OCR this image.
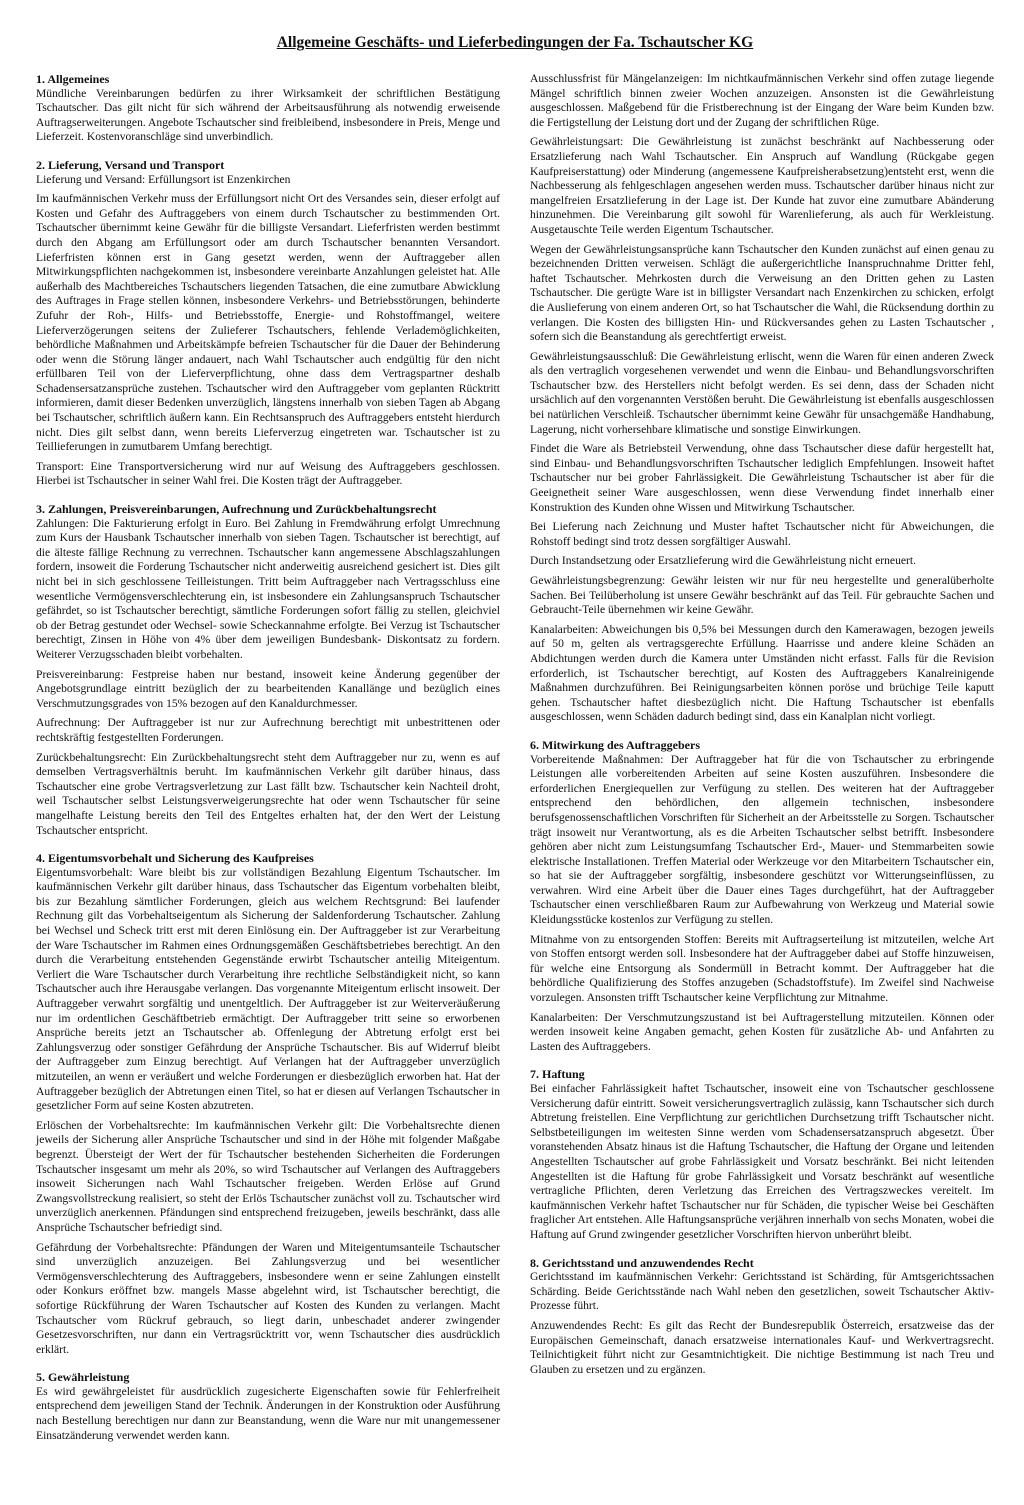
Allgemeine Geschäfts- und Lieferbedingungen der Fa. Tschautscher KG
1. Allgemeines

Mündliche Vereinbarungen bedürfen zu ihrer Wirksamkeit der schriftlichen Bestätigung Tschautscher. Das gilt nicht für sich während der Arbeitsausführung als notwendig erweisende Auftragserweiterungen. Angebote Tschautscher sind freibleibend, insbesondere in Preis, Menge und Lieferzeit. Kostenvoranschläge sind unverbindlich.

2. Lieferung, Versand und Transport

Lieferung und Versand: Erfüllungsort ist Enzenkirchen

Im kaufmännischen Verkehr muss der Erfüllungsort nicht Ort des Versandes sein, dieser erfolgt auf Kosten und Gefahr des Auftraggebers von einem durch Tschautscher zu bestimmenden Ort. Tschautscher übernimmt keine Gewähr für die billigste Versandart. Lieferfristen werden bestimmt durch den Abgang am Erfüllungsort oder am durch Tschautscher benannten Versandort. Lieferfristen können erst in Gang gesetzt werden, wenn der Auftraggeber allen Mitwirkungspflichten nachgekommen ist, insbesondere vereinbarte Anzahlungen geleistet hat. Alle außerhalb des Machtbereiches Tschautschers liegenden Tatsachen, die eine zumutbare Abwicklung des Auftrages in Frage stellen können, insbesondere Verkehrs- und Betriebsstörungen, behinderte Zufuhr der Roh-, Hilfs- und Betriebsstoffe, Energie- und Rohstoffmangel, weitere Lieferverzögerungen seitens der Zulieferer Tschautschers, fehlende Verlademöglichkeiten, behördliche Maßnahmen und Arbeitskämpfe befreien Tschautscher für die Dauer der Behinderung oder wenn die Störung länger andauert, nach Wahl Tschautscher auch endgültig für den nicht erfüllbaren Teil von der Lieferverpflichtung, ohne dass dem Vertragspartner deshalb Schadensersatzansprüche zustehen. Tschautscher wird den Auftraggeber vom geplanten Rücktritt informieren, damit dieser Bedenken unverzüglich, längstens innerhalb von sieben Tagen ab Abgang bei Tschautscher, schriftlich äußern kann. Ein Rechtsanspruch des Auftraggebers entsteht hierdurch nicht. Dies gilt selbst dann, wenn bereits Lieferverzug eingetreten war. Tschautscher ist zu Teillieferungen in zumutbarem Umfang berechtigt.

Transport: Eine Transportversicherung wird nur auf Weisung des Auftraggebers geschlossen. Hierbei ist Tschautscher in seiner Wahl frei. Die Kosten trägt der Auftraggeber.

3. Zahlungen, Preisvereinbarungen, Aufrechnung und Zurückbehaltungsrecht

Zahlungen: Die Fakturierung erfolgt in Euro. Bei Zahlung in Fremdwährung erfolgt Umrechnung zum Kurs der Hausbank Tschautscher innerhalb von sieben Tagen. Tschautscher ist berechtigt, auf die älteste fällige Rechnung zu verrechnen. Tschautscher kann angemessene Abschlagszahlungen fordern, insoweit die Forderung Tschautscher nicht anderweitig ausreichend gesichert ist. Dies gilt nicht bei in sich geschlossene Teilleistungen. Tritt beim Auftraggeber nach Vertragsschluss eine wesentliche Vermögensverschlechterung ein, ist insbesondere ein Zahlungsanspruch Tschautscher gefährdet, so ist Tschautscher berechtigt, sämtliche Forderungen sofort fällig zu stellen, gleichviel ob der Betrag gestundet oder Wechsel- sowie Scheckannahme erfolgte. Bei Verzug ist Tschautscher berechtigt, Zinsen in Höhe von 4% über dem jeweiligen Bundesbank- Diskontsatz zu fordern. Weiterer Verzugsschaden bleibt vorbehalten.

Preisvereinbarung: Festpreise haben nur bestand, insoweit keine Änderung gegenüber der Angebotsgrundlage eintritt bezüglich der zu bearbeitenden Kanallänge und bezüglich eines Verschmutzungsgrades von 15% bezogen auf den Kanaldurchmesser.

Aufrechnung: Der Auftraggeber ist nur zur Aufrechnung berechtigt mit unbestrittenen oder rechtskräftig festgestellten Forderungen.

Zurückbehaltungsrecht: Ein Zurückbehaltungsrecht steht dem Auftraggeber nur zu, wenn es auf demselben Vertragsverhältnis beruht. Im kaufmännischen Verkehr gilt darüber hinaus, dass Tschautscher eine grobe Vertragsverletzung zur Last fällt bzw. Tschautscher kein Nachteil droht, weil Tschautscher selbst Leistungsverweigerungsrechte hat oder wenn Tschautscher für seine mangelhafte Leistung bereits den Teil des Entgeltes erhalten hat, der den Wert der Leistung Tschautscher entspricht.

4. Eigentumsvorbehalt und Sicherung des Kaufpreises

Eigentumsvorbehalt: Ware bleibt bis zur vollständigen Bezahlung Eigentum Tschautscher. Im kaufmännischen Verkehr gilt darüber hinaus, dass Tschautscher das Eigentum vorbehalten bleibt, bis zur Bezahlung sämtlicher Forderungen, gleich aus welchem Rechtsgrund: Bei laufender Rechnung gilt das Vorbehaltseigentum als Sicherung der Saldenforderung Tschautscher. Zahlung bei Wechsel und Scheck tritt erst mit deren Einlösung ein. Der Auftraggeber ist zur Verarbeitung der Ware Tschautscher im Rahmen eines Ordnungsgemäßen Geschäftsbetriebes berechtigt. An den durch die Verarbeitung entstehenden Gegenstände erwirbt Tschautscher anteilig Miteigentum. Verliert die Ware Tschautscher durch Verarbeitung ihre rechtliche Selbständigkeit nicht, so kann Tschautscher auch ihre Herausgabe verlangen. Das vorgenannte Miteigentum erlischt insoweit. Der Auftraggeber verwahrt sorgfältig und unentgeltlich. Der Auftraggeber ist zur Weiterveräußerung nur im ordentlichen Geschäftbetrieb ermächtigt. Der Auftraggeber tritt seine so erworbenen Ansprüche bereits jetzt an Tschautscher ab. Offenlegung der Abtretung erfolgt erst bei Zahlungsverzug oder sonstiger Gefährdung der Ansprüche Tschautscher. Bis auf Widerruf bleibt der Auftraggeber zum Einzug berechtigt. Auf Verlangen hat der Auftraggeber unverzüglich mitzuteilen, an wenn er veräußert und welche Forderungen er diesbezüglich erworben hat. Hat der Auftraggeber bezüglich der Abtretungen einen Titel, so hat er diesen auf Verlangen Tschautscher in gesetzlicher Form auf seine Kosten abzutreten.

Erlöschen der Vorbehaltsrechte: Im kaufmännischen Verkehr gilt: Die Vorbehaltsrechte dienen jeweils der Sicherung aller Ansprüche Tschautscher und sind in der Höhe mit folgender Maßgabe begrenzt. Übersteigt der Wert der für Tschautscher bestehenden Sicherheiten die Forderungen Tschautscher insgesamt um mehr als 20%, so wird Tschautscher auf Verlangen des Auftraggebers insoweit Sicherungen nach Wahl Tschautscher freigeben. Werden Erlöse auf Grund Zwangsvollstreckung realisiert, so steht der Erlös Tschautscher zunächst voll zu. Tschautscher wird unverzüglich anerkennen. Pfändungen sind entsprechend freizugeben, jeweils beschränkt, dass alle Ansprüche Tschautscher befriedigt sind.

Gefährdung der Vorbehaltsrechte: Pfändungen der Waren und Miteigentumsanteile Tschautscher sind unverzüglich anzuzeigen. Bei Zahlungsverzug und bei wesentlicher Vermögensverschlechterung des Auftraggebers, insbesondere wenn er seine Zahlungen einstellt oder Konkurs eröffnet bzw. mangels Masse abgelehnt wird, ist Tschautscher berechtigt, die sofortige Rückführung der Waren Tschautscher auf Kosten des Kunden zu verlangen. Macht Tschautscher vom Rückruf gebrauch, so liegt darin, unbeschadet anderer zwingender Gesetzesvorschriften, nur dann ein Vertragsrücktritt vor, wenn Tschautscher dies ausdrücklich erklärt.

5. Gewährleistung

Es wird gewährgeleistet für ausdrücklich zugesicherte Eigenschaften sowie für Fehlerfreiheit entsprechend dem jeweiligen Stand der Technik. Änderungen in der Konstruktion oder Ausführung nach Bestellung berechtigen nur dann zur Beanstandung, wenn die Ware nur mit unangemessener Einsatzänderung verwendet werden kann.

Ausschlussfrist für Mängelanzeigen: Im nichtkaufmännischen Verkehr sind offen zutage liegende Mängel schriftlich binnen zweier Wochen anzuzeigen. Ansonsten ist die Gewährleistung ausgeschlossen. Maßgebend für die Fristberechnung ist der Eingang der Ware beim Kunden bzw. die Fertigstellung der Leistung dort und der Zugang der schriftlichen Rüge.

Gewährleistungsart: Die Gewährleistung ist zunächst beschränkt auf Nachbesserung oder Ersatzlieferung nach Wahl Tschautscher. Ein Anspruch auf Wandlung (Rückgabe gegen Kaufpreiserstattung) oder Minderung (angemessene Kaufpreisherabsetzung)entsteht erst, wenn die Nachbesserung als fehlgeschlagen angesehen werden muss. Tschautscher darüber hinaus nicht zur mangelfreien Ersatzlieferung in der Lage ist. Der Kunde hat zuvor eine zumutbare Abänderung hinzunehmen. Die Vereinbarung gilt sowohl für Warenlieferung, als auch für Werkleistung. Ausgetauschte Teile werden Eigentum Tschautscher.

Wegen der Gewährleistungsansprüche kann Tschautscher den Kunden zunächst auf einen genau zu bezeichnenden Dritten verweisen. Schlägt die außergerichtliche Inanspruchnahme Dritter fehl, haftet Tschautscher. Mehrkosten durch die Verweisung an den Dritten gehen zu Lasten Tschautscher. Die gerügte Ware ist in billigster Versandart nach Enzenkirchen zu schicken, erfolgt die Auslieferung von einem anderen Ort, so hat Tschautscher die Wahl, die Rücksendung dorthin zu verlangen. Die Kosten des billigsten Hin- und Rückversandes gehen zu Lasten Tschautscher , sofern sich die Beanstandung als gerechtfertigt erweist.

Gewährleistungsausschluß: Die Gewährleistung erlischt, wenn die Waren für einen anderen Zweck als den vertraglich vorgesehenen verwendet und wenn die Einbau- und Behandlungsvorschriften Tschautscher bzw. des Herstellers nicht befolgt werden. Es sei denn, dass der Schaden nicht ursächlich auf den vorgenannten Verstößen beruht. Die Gewährleistung ist ebenfalls ausgeschlossen bei natürlichen Verschleiß. Tschautscher übernimmt keine Gewähr für unsachgemäße Handhabung, Lagerung, nicht vorhersehbare klimatische und sonstige Einwirkungen.

Findet die Ware als Betriebsteil Verwendung, ohne dass Tschautscher diese dafür hergestellt hat, sind Einbau- und Behandlungsvorschriften Tschautscher lediglich Empfehlungen. Insoweit haftet Tschautscher nur bei grober Fahrlässigkeit. Die Gewährleistung Tschautscher ist aber für die Geeignetheit seiner Ware ausgeschlossen, wenn diese Verwendung findet innerhalb einer Konstruktion des Kunden ohne Wissen und Mitwirkung Tschautscher.

Bei Lieferung nach Zeichnung und Muster haftet Tschautscher nicht für Abweichungen, die Rohstoff bedingt sind trotz dessen sorgfältiger Auswahl.

Durch Instandsetzung oder Ersatzlieferung wird die Gewährleistung nicht erneuert.

Gewährleistungsbegrenzung: Gewähr leisten wir nur für neu hergestellte und generalüberholte Sachen. Bei Teilüberholung ist unsere Gewähr beschränkt auf das Teil. Für gebrauchte Sachen und Gebraucht-Teile übernehmen wir keine Gewähr.

Kanalarbeiten: Abweichungen bis 0,5% bei Messungen durch den Kamerawagen, bezogen jeweils auf 50 m, gelten als vertragsgerechte Erfüllung. Haarrisse und andere kleine Schäden an Abdichtungen werden durch die Kamera unter Umständen nicht erfasst. Falls für die Revision erforderlich, ist Tschautscher berechtigt, auf Kosten des Auftraggebers Kanalreinigende Maßnahmen durchzuführen. Bei Reinigungsarbeiten können poröse und brüchige Teile kaputt gehen. Tschautscher haftet diesbezüglich nicht. Die Haftung Tschautscher ist ebenfalls ausgeschlossen, wenn Schäden dadurch bedingt sind, dass ein Kanalplan nicht vorliegt.

6. Mitwirkung des Auftraggebers

Vorbereitende Maßnahmen: Der Auftraggeber hat für die von Tschautscher zu erbringende Leistungen alle vorbereitenden Arbeiten auf seine Kosten auszuführen. Insbesondere die erforderlichen Energiequellen zur Verfügung zu stellen. Des weiteren hat der Auftraggeber entsprechend den behördlichen, den allgemein technischen, insbesondere berufsgenossenschaftlichen Vorschriften für Sicherheit an der Arbeitsstelle zu Sorgen. Tschautscher trägt insoweit nur Verantwortung, als es die Arbeiten Tschautscher selbst betrifft. Insbesondere gehören aber nicht zum Leistungsumfang Tschautscher Erd-, Mauer- und Stemmarbeiten sowie elektrische Installationen. Treffen Material oder Werkzeuge vor den Mitarbeitern Tschautscher ein, so hat sie der Auftraggeber sorgfältig, insbesondere geschützt vor Witterungseinflüssen, zu verwahren. Wird eine Arbeit über die Dauer eines Tages durchgeführt, hat der Auftraggeber Tschautscher einen verschließbaren Raum zur Aufbewahrung von Werkzeug und Material sowie Kleidungsstücke kostenlos zur Verfügung zu stellen.

Mitnahme von zu entsorgenden Stoffen: Bereits mit Auftragserteilung ist mitzuteilen, welche Art von Stoffen entsorgt werden soll. Insbesondere hat der Auftraggeber dabei auf Stoffe hinzuweisen, für welche eine Entsorgung als Sondermüll in Betracht kommt. Der Auftraggeber hat die behördliche Qualifizierung des Stoffes anzugeben (Schadstoffstufe). Im Zweifel sind Nachweise vorzulegen. Ansonsten trifft Tschautscher keine Verpflichtung zur Mitnahme.

Kanalarbeiten: Der Verschmutzungszustand ist bei Auftragerstellung mitzuteilen. Können oder werden insoweit keine Angaben gemacht, gehen Kosten für zusätzliche Ab- und Anfahrten zu Lasten des Auftraggebers.

7. Haftung

Bei einfacher Fahrlässigkeit haftet Tschautscher, insoweit eine von Tschautscher geschlossene Versicherung dafür eintritt. Soweit versicherungsvertraglich zulässig, kann Tschautscher sich durch Abtretung freistellen. Eine Verpflichtung zur gerichtlichen Durchsetzung trifft Tschautscher nicht. Selbstbeteiligungen im weitesten Sinne werden vom Schadensersatzanspruch abgesetzt. Über voranstehenden Absatz hinaus ist die Haftung Tschautscher, die Haftung der Organe und leitenden Angestellten Tschautscher auf grobe Fahrlässigkeit und Vorsatz beschränkt. Bei nicht leitenden Angestellten ist die Haftung für grobe Fahrlässigkeit und Vorsatz beschränkt auf wesentliche vertragliche Pflichten, deren Verletzung das Erreichen des Vertragszweckes vereitelt. Im kaufmännischen Verkehr haftet Tschautscher nur für Schäden, die typischer Weise bei Geschäften fraglicher Art entstehen. Alle Haftungsansprüche verjähren innerhalb von sechs Monaten, wobei die Haftung auf Grund zwingender gesetzlicher Vorschriften hiervon unberührt bleibt.

8. Gerichtsstand und anzuwendendes Recht

Gerichtsstand im kaufmännischen Verkehr: Gerichtsstand ist Schärding, für Amtsgerichtssachen Schärding. Beide Gerichtsstände nach Wahl neben den gesetzlichen, soweit Tschautscher Aktiv-Prozesse führt.

Anzuwendendes Recht: Es gilt das Recht der Bundesrepublik Österreich, ersatzweise das der Europäischen Gemeinschaft, danach ersatzweise internationales Kauf- und Werkvertragsrecht. Teilnichtigkeit führt nicht zur Gesamtnichtigkeit. Die nichtige Bestimmung ist nach Treu und Glauben zu ersetzen und zu ergänzen.
